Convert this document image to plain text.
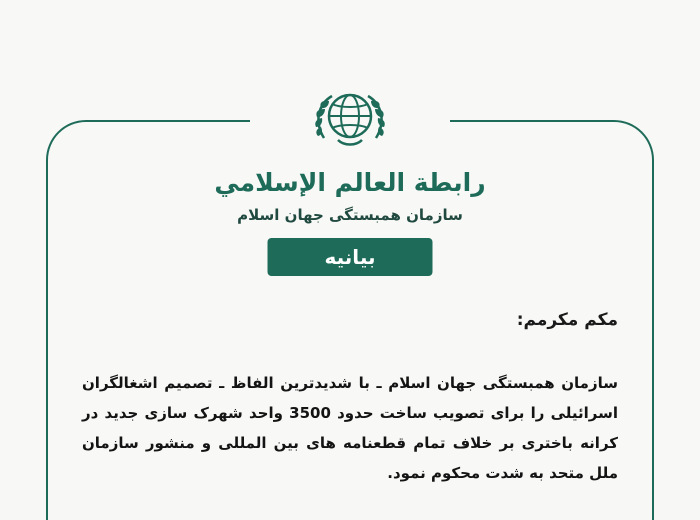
رابطة العالم الإسلامي
سازمان همبستگی جهان اسلام
بیانیه
مکم مکرمم:

سازمان همبستگی جهان اسلام ـ با شدیدترین الفاظ ـ تصمیم اشغالگران اسرائیلی را برای تصویب ساخت حدود 3500 واحد شهرک سازی جدید در کرانه باختری بر خلاف تمام قطعنامه های بین المللی و منشور سازمان ملل متحد به شدت محکوم نمود.
